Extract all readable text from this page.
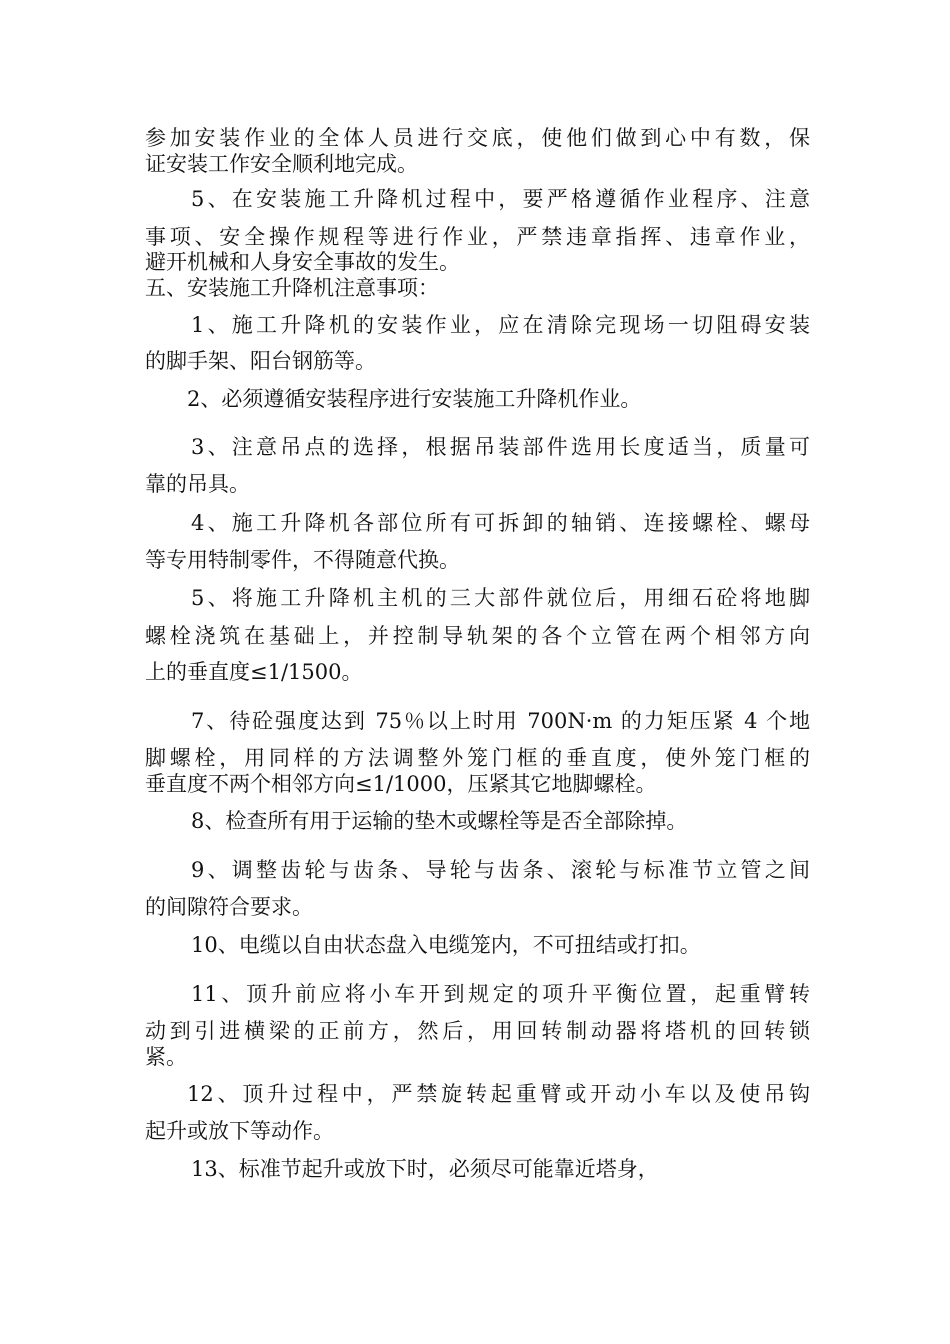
参加安装作业的全体人员进行交底，使他们做到心中有数，保
证安装工作安全顺利地完成。
5、在安装施工升降机过程中，要严格遵循作业程序、注意
事项、安全操作规程等进行作业，严禁违章指挥、违章作业，
避开机械和人身安全事故的发生。
五、安装施工升降机注意事项：
1、施工升降机的安装作业，应在清除完现场一切阻碍安装
的脚手架、阳台钢筋等。
2、必须遵循安装程序进行安装施工升降机作业。
3、注意吊点的选择，根据吊装部件选用长度适当，质量可
靠的吊具。
4、施工升降机各部位所有可拆卸的轴销、连接螺栓、螺母
等专用特制零件，不得随意代换。
5、将施工升降机主机的三大部件就位后，用细石砼将地脚
螺栓浇筑在基础上，并控制导轨架的各个立管在两个相邻方向
上的垂直度≤1/1500。
7、待砼强度达到 75％以上时用 700N·m 的力矩压紧 4 个地
脚螺栓，用同样的方法调整外笼门框的垂直度，使外笼门框的
垂直度不两个相邻方向≤1/1000，压紧其它地脚螺栓。
8、检查所有用于运输的垫木或螺栓等是否全部除掉。
9、调整齿轮与齿条、导轮与齿条、滚轮与标准节立管之间
的间隙符合要求。
10、电缆以自由状态盘入电缆笼内，不可扭结或打扣。
11、顶升前应将小车开到规定的项升平衡位置，起重臂转
动到引进横梁的正前方，然后，用回转制动器将塔机的回转锁
紧。
12、顶升过程中，严禁旋转起重臂或开动小车以及使吊钩
起升或放下等动作。
13、标准节起升或放下时，必须尽可能靠近塔身，
